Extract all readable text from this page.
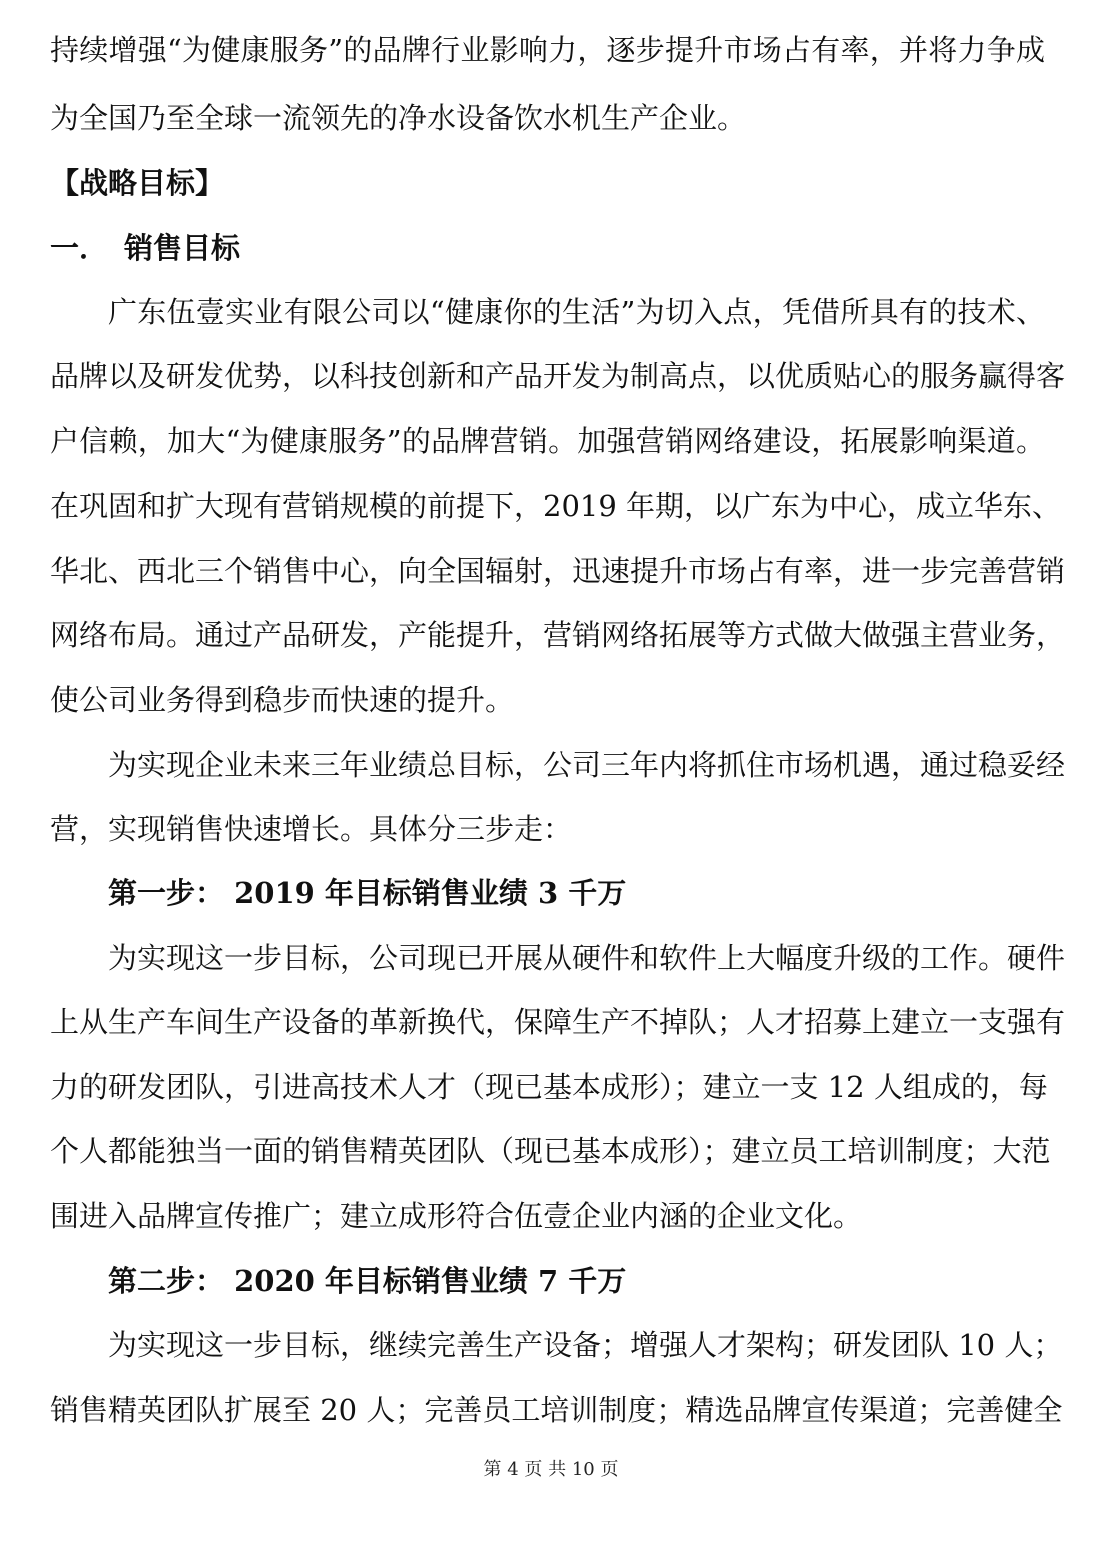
持续增强“为健康服务”的品牌行业影响力，逐步提升市场占有率，并将力争成
为全国乃至全球一流领先的净水设备饮水机生产企业。
【战略目标】
一． 销售目标
广东伍壹实业有限公司以“健康你的生活”为切入点，凭借所具有的技术、
品牌以及研发优势，以科技创新和产品开发为制高点，以优质贴心的服务赢得客
户信赖，加大“为健康服务”的品牌营销。加强营销网络建设，拓展影响渠道。
在巩固和扩大现有营销规模的前提下，2019 年期，以广东为中心，成立华东、
华北、西北三个销售中心，向全国辐射，迅速提升市场占有率，进一步完善营销
网络布局。通过产品研发，产能提升，营销网络拓展等方式做大做强主营业务，
使公司业务得到稳步而快速的提升。
为实现企业未来三年业绩总目标，公司三年内将抓住市场机遇，通过稳妥经
营，实现销售快速增长。具体分三步走：
第一步： 2019 年目标销售业绩 3 千万
为实现这一步目标，公司现已开展从硬件和软件上大幅度升级的工作。硬件
上从生产车间生产设备的革新换代，保障生产不掉队；人才招募上建立一支强有
力的研发团队，引进高技术人才（现已基本成形）；建立一支 12 人组成的，每
个人都能独当一面的销售精英团队（现已基本成形）；建立员工培训制度；大范
围进入品牌宣传推广；建立成形符合伍壹企业内涵的企业文化。
第二步： 2020 年目标销售业绩 7 千万
为实现这一步目标，继续完善生产设备；增强人才架构；研发团队 10 人；
销售精英团队扩展至 20 人；完善员工培训制度；精选品牌宣传渠道；完善健全
第 4 页 共 10 页
